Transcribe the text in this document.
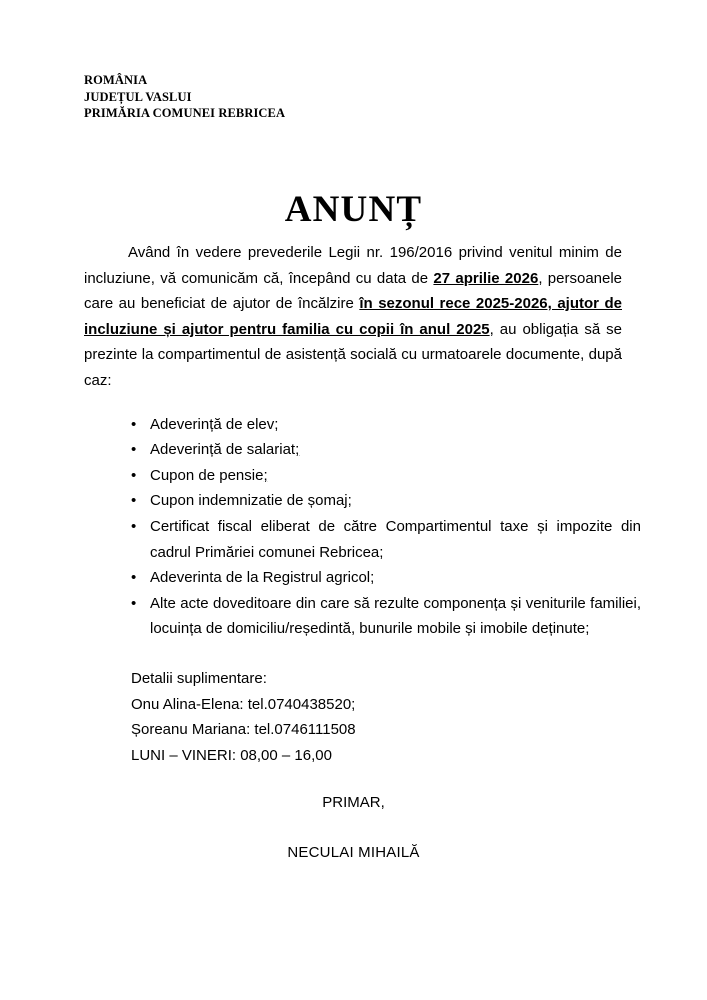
ROMÂNIA
JUDEȚUL VASLUI
PRIMĂRIA COMUNEI REBRICEA
ANUNȚ

Având în vedere prevederile Legii nr. 196/2016 privind venitul minim de incluziune, vă comunicăm că, începând cu data de 27 aprilie 2026, persoanele care au beneficiat de ajutor de încălzire în sezonul rece 2025-2026, ajutor de incluziune și ajutor pentru familia cu copii în anul 2025, au obligația să se prezinte la compartimentul de asistență socială cu urmatoarele documente, după caz:

• Adeverință de elev;
• Adeverință de salariat;
• Cupon de pensie;
• Cupon indemnizatie de șomaj;
• Certificat fiscal eliberat de către Compartimentul taxe și impozite din cadrul Primăriei comunei Rebricea;
• Adeverinta de la Registrul agricol;
• Alte acte doveditoare din care să rezulte componența și veniturile familiei, locuința de domiciliu/reședintă, bunurile mobile și imobile deținute;
Detalii suplimentare:
Onu Alina-Elena: tel.0740438520;
Șoreanu Mariana: tel.0746111508
LUNI – VINERI: 08,00 – 16,00

PRIMAR,

NECULAI MIHAILĂ
